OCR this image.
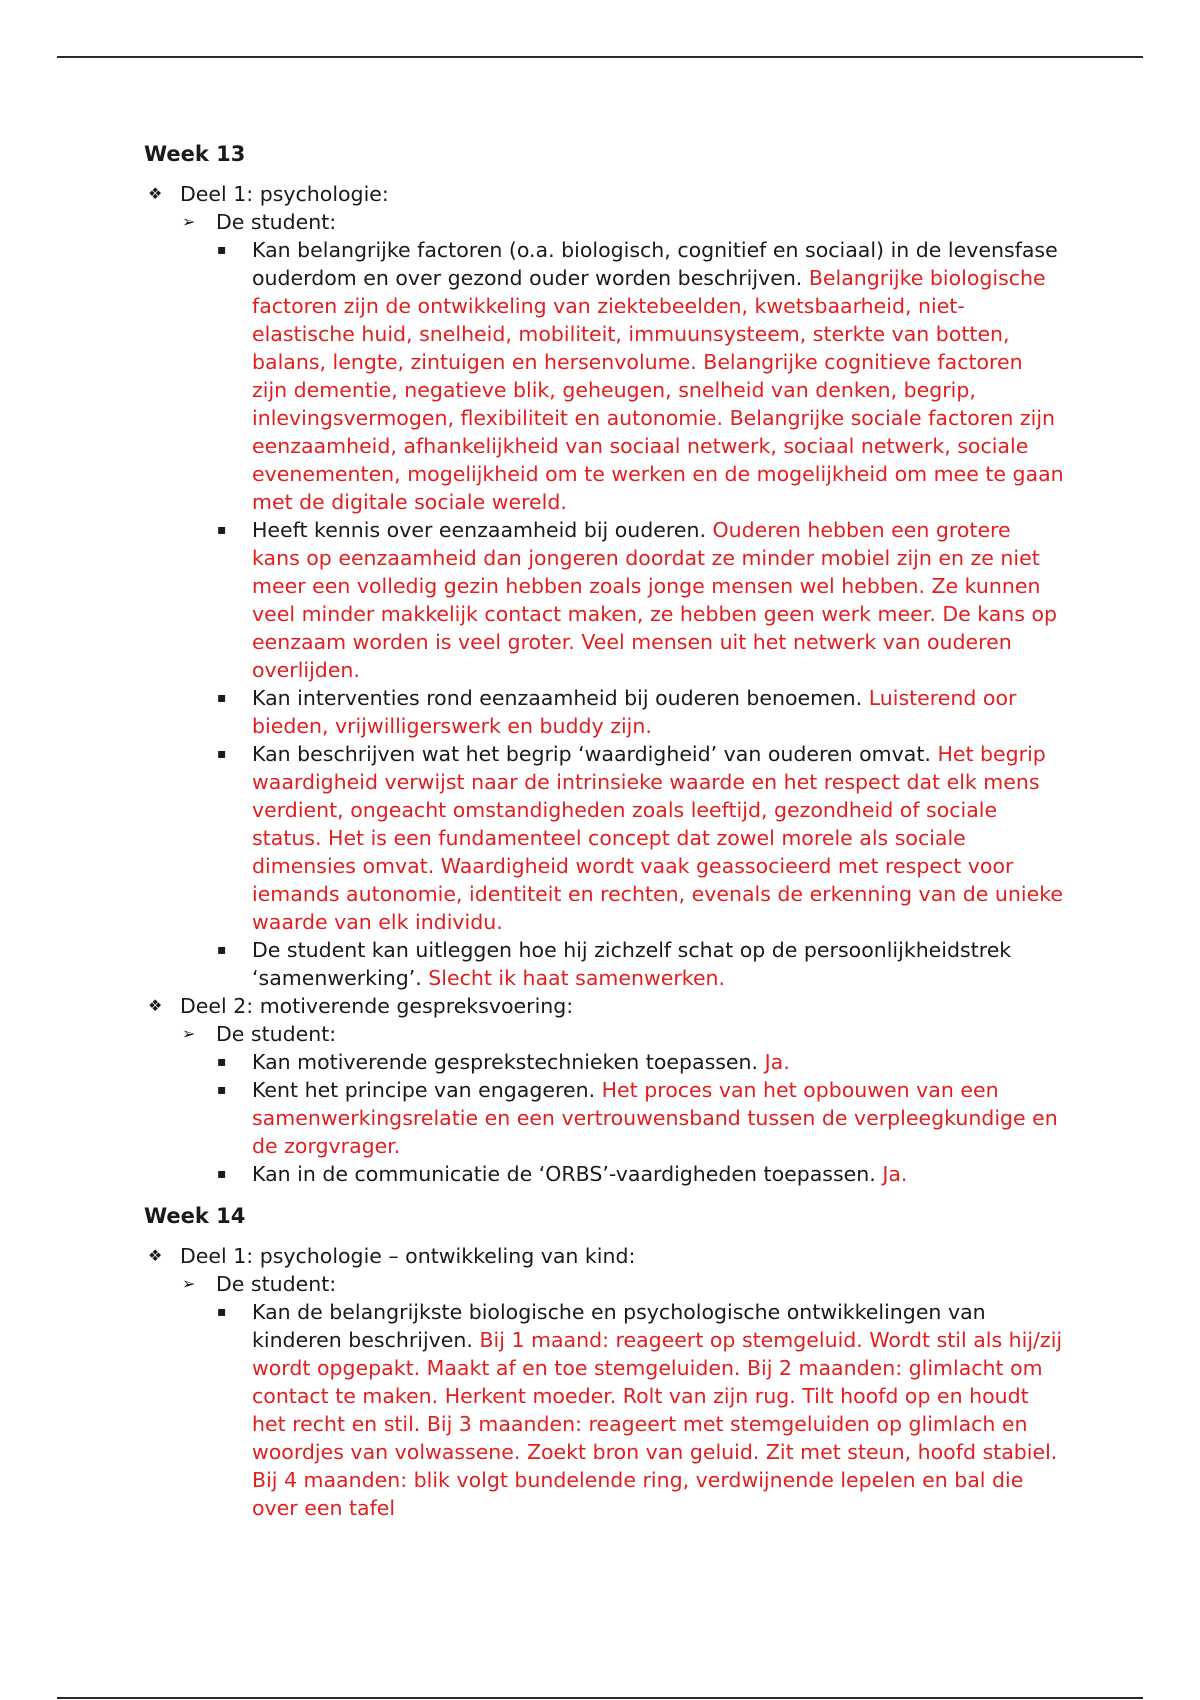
Week 13
❖ Deel 1: psychologie:
➢ De student:
▪ Kan belangrijke factoren (o.a. biologisch, cognitief en sociaal) in de levensfase ouderdom en over gezond ouder worden beschrijven. Belangrijke biologische factoren zijn de ontwikkeling van ziektebeelden, kwetsbaarheid, niet-elastische huid, snelheid, mobiliteit, immuunsysteem, sterkte van botten, balans, lengte, zintuigen en hersenvolume. Belangrijke cognitieve factoren zijn dementie, negatieve blik, geheugen, snelheid van denken, begrip, inlevingsvermogen, flexibiliteit en autonomie. Belangrijke sociale factoren zijn eenzaamheid, afhankelijkheid van sociaal netwerk, sociaal netwerk, sociale evenementen, mogelijkheid om te werken en de mogelijkheid om mee te gaan met de digitale sociale wereld.
▪ Heeft kennis over eenzaamheid bij ouderen. Ouderen hebben een grotere kans op eenzaamheid dan jongeren doordat ze minder mobiel zijn en ze niet meer een volledig gezin hebben zoals jonge mensen wel hebben. Ze kunnen veel minder makkelijk contact maken, ze hebben geen werk meer. De kans op eenzaam worden is veel groter. Veel mensen uit het netwerk van ouderen overlijden.
▪ Kan interventies rond eenzaamheid bij ouderen benoemen. Luisterend oor bieden, vrijwilligerswerk en buddy zijn.
▪ Kan beschrijven wat het begrip ‘waardigheid’ van ouderen omvat. Het begrip waardigheid verwijst naar de intrinsieke waarde en het respect dat elk mens verdient, ongeacht omstandigheden zoals leeftijd, gezondheid of sociale status. Het is een fundamenteel concept dat zowel morele als sociale dimensies omvat. Waardigheid wordt vaak geassocieerd met respect voor iemands autonomie, identiteit en rechten, evenals de erkenning van de unieke waarde van elk individu.
▪ De student kan uitleggen hoe hij zichzelf schat op de persoonlijkheidstrek ‘samenwerking’. Slecht ik haat samenwerken.
❖ Deel 2: motiverende gespreksvoering:
➢ De student:
▪ Kan motiverende gesprekstechnieken toepassen. Ja.
▪ Kent het principe van engageren. Het proces van het opbouwen van een samenwerkingsrelatie en een vertrouwensband tussen de verpleegkundige en de zorgvrager.
▪ Kan in de communicatie de ‘ORBS’-vaardigheden toepassen. Ja.
Week 14
❖ Deel 1: psychologie – ontwikkeling van kind:
➢ De student:
▪ Kan de belangrijkste biologische en psychologische ontwikkelingen van kinderen beschrijven. Bij 1 maand: reageert op stemgeluid. Wordt stil als hij/zij wordt opgepakt. Maakt af en toe stemgeluiden. Bij 2 maanden: glimlacht om contact te maken. Herkent moeder. Rolt van zijn rug. Tilt hoofd op en houdt het recht en stil. Bij 3 maanden: reageert met stemgeluiden op glimlach en woordjes van volwassene. Zoekt bron van geluid. Zit met steun, hoofd stabiel. Bij 4 maanden: blik volgt bundelende ring, verdwijnende lepelen en bal die over een tafel
